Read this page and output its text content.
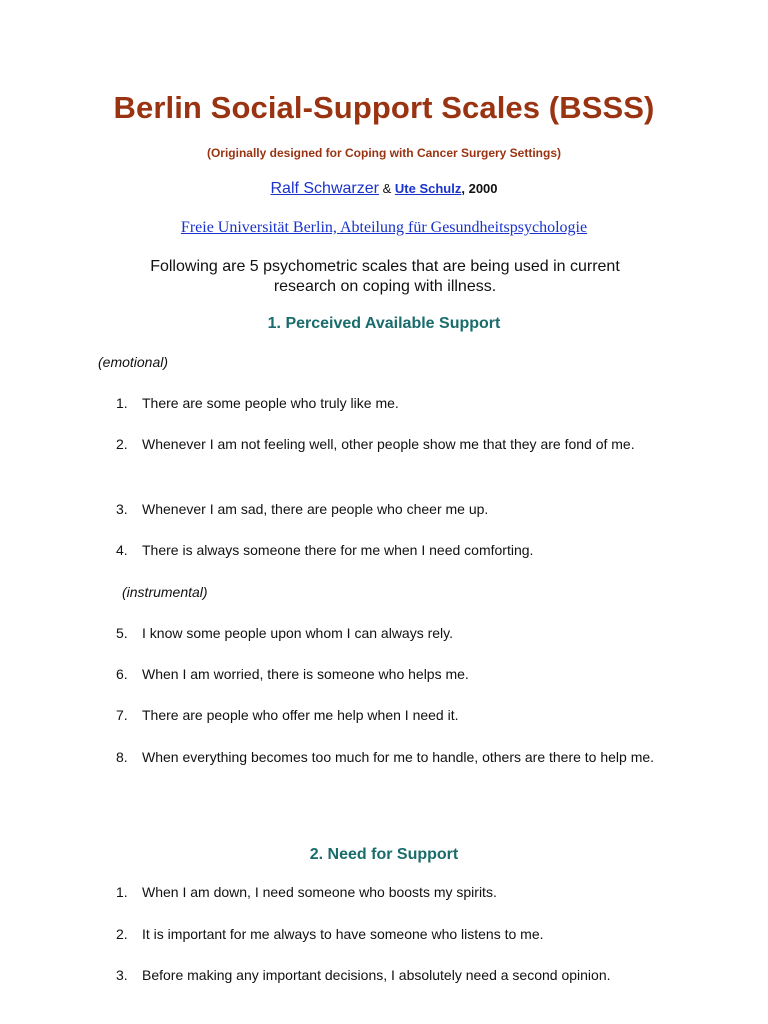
Berlin Social-Support Scales (BSSS)
(Originally designed for Coping with Cancer Surgery Settings)
Ralf Schwarzer & Ute Schulz, 2000
Freie Universität Berlin, Abteilung für Gesundheitspsychologie
Following are 5 psychometric scales that are being used in current research on coping with illness.
1. Perceived Available Support
(emotional)
1. There are some people who truly like me.
2. Whenever I am not feeling well, other people show me that they are fond of me.
3. Whenever I am sad, there are people who cheer me up.
4. There is always someone there for me when I need comforting.
(instrumental)
5. I know some people upon whom I can always rely.
6. When I am worried, there is someone who helps me.
7. There are people who offer me help when I need it.
8. When everything becomes too much for me to handle, others are there to help me.
2. Need for Support
1. When I am down, I need someone who boosts my spirits.
2. It is important for me always to have someone who listens to me.
3. Before making any important decisions, I absolutely need a second opinion.
